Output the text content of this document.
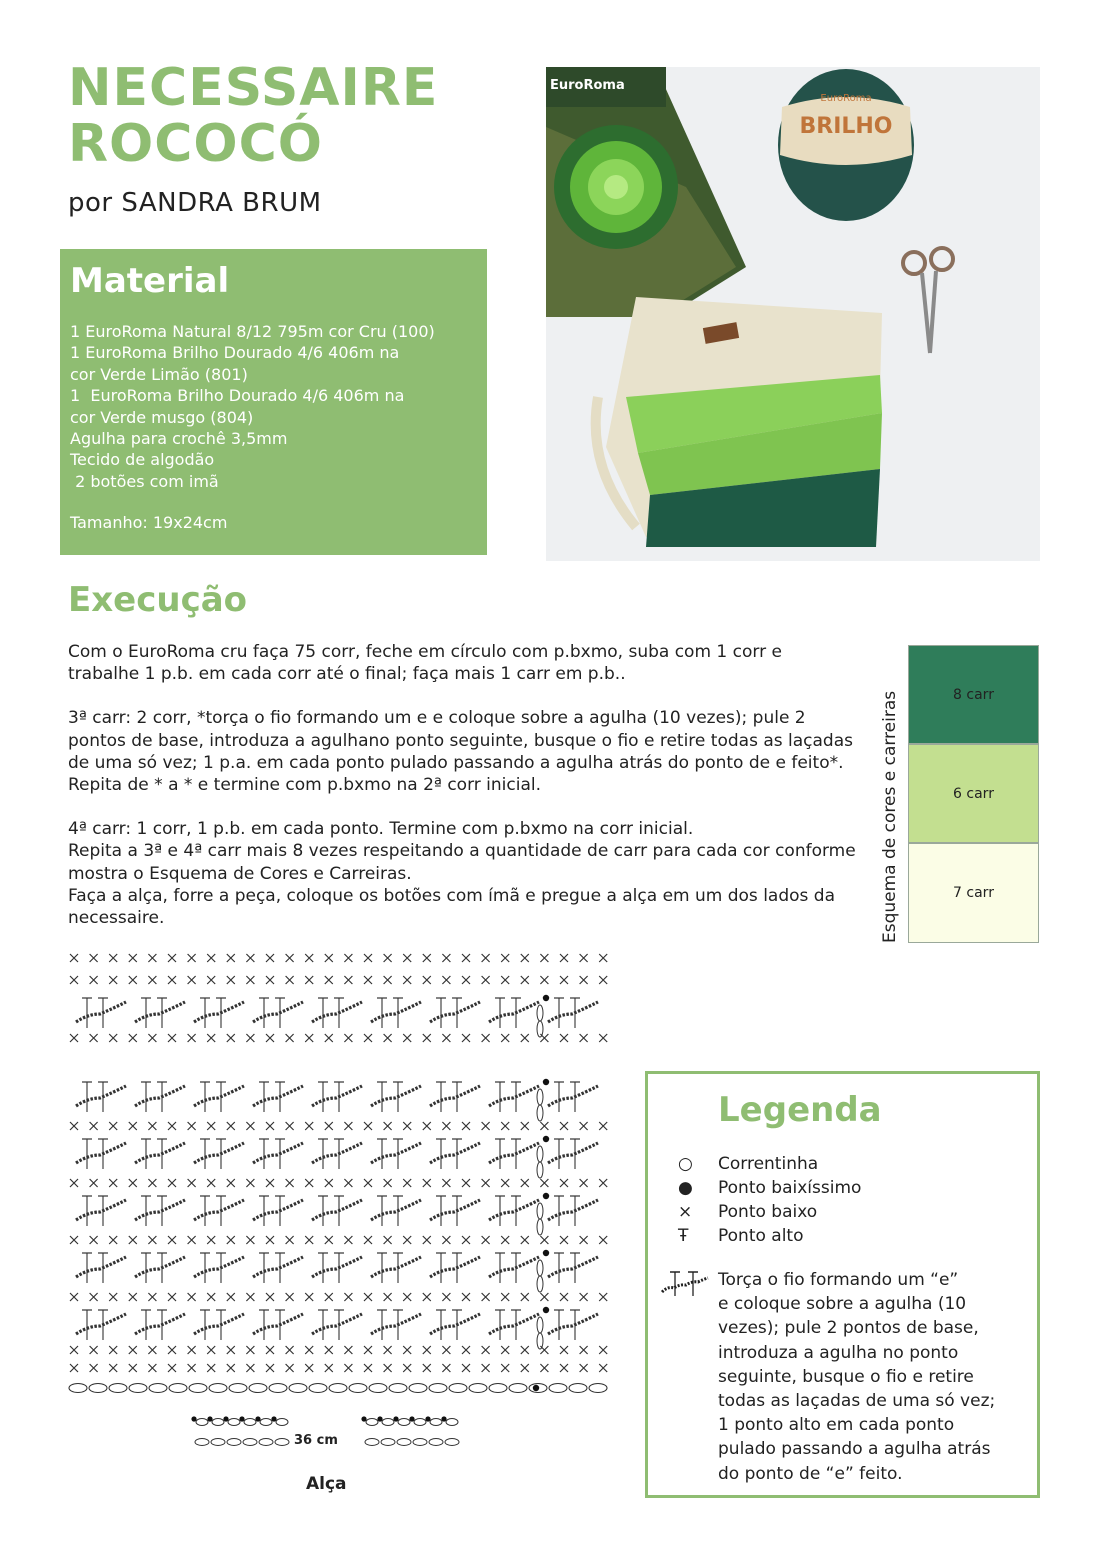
NECESSAIRE
ROCOCÓ
por SANDRA BRUM
Material
1 EuroRoma Natural 8/12 795m cor Cru (100)
1 EuroRoma Brilho Dourado 4/6 406m na
cor Verde Limão (801)
1  EuroRoma Brilho Dourado 4/6 406m na
cor Verde musgo (804)
Agulha para crochê 3,5mm
Tecido de algodão
2 botões com imã
Tamanho: 19x24cm
EuroRoma
EuroRoma
BRILHO
Execução

Com o EuroRoma cru faça 75 corr, feche em círculo com p.bxmo, suba com 1 corr e trabalhe 1 p.b. em cada corr até o final; faça mais 1 carr em p.b..

3ª carr: 2 corr, *torça o fio formando um e e coloque sobre a agulha (10 vezes); pule 2 pontos de base, introduza a agulhano ponto seguinte, busque o fio e retire todas as laçadas de uma só vez; 1 p.a. em cada ponto pulado passando a agulha atrás do ponto de e feito*. Repita de * a * e termine com p.bxmo na 2ª corr inicial.

4ª carr: 1 corr, 1 p.b. em cada ponto. Termine com p.bxmo na corr inicial.

Repita a 3ª e 4ª carr mais 8 vezes respeitando a quantidade de carr para cada cor conforme mostra o Esquema de Cores e Carreiras.

Faça a alça, forre a peça, coloque os botões com ímã e pregue a alça em um dos lados da necessaire.	Esquema de cores e carreiras	8 carr
6 carr
7 carr
36 cm
Alça
Legenda
○	Correntinha
●	Ponto baixíssimo
×	Ponto baixo
Ŧ	Ponto alto
Torça o fio formando um “e”
e coloque sobre a agulha (10
vezes); pule 2 pontos de base,
introduza a agulha no ponto
seguinte, busque o fio e retire
todas as laçadas de uma só vez;
1 ponto alto em cada ponto
pulado passando a agulha atrás
do ponto de “e” feito.
